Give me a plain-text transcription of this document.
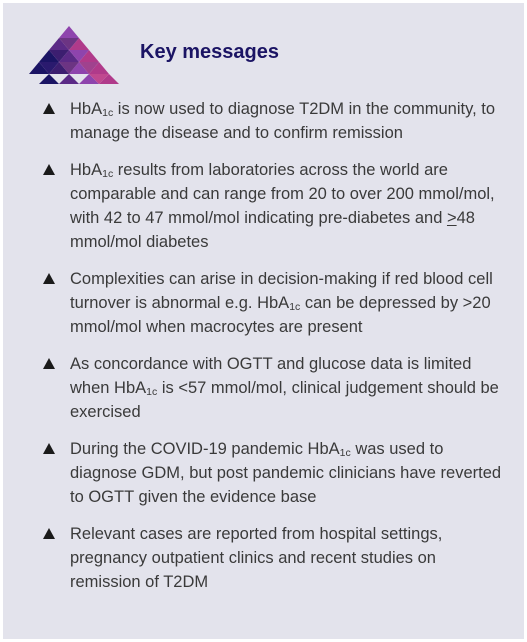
Key messages
HbA$_{1c}$ is now used to diagnose T2DM in the community, to manage the disease and to confirm remission
HbA$_{1c}$ results from laboratories across the world are comparable and can range from 20 to over 200 mmol/mol, with 42 to 47 mmol/mol indicating pre-diabetes and ≥48 mmol/mol diabetes
Complexities can arise in decision-making if red blood cell turnover is abnormal e.g. HbA$_{1c}$ can be depressed by >20 mmol/mol when macrocytes are present
As concordance with OGTT and glucose data is limited when HbA$_{1c}$ is <57 mmol/mol, clinical judgement should be exercised
During the COVID-19 pandemic HbA$_{1c}$ was used to diagnose GDM, but post pandemic clinicians have reverted to OGTT given the evidence base
Relevant cases are reported from hospital settings, pregnancy outpatient clinics and recent studies on remission of T2DM
